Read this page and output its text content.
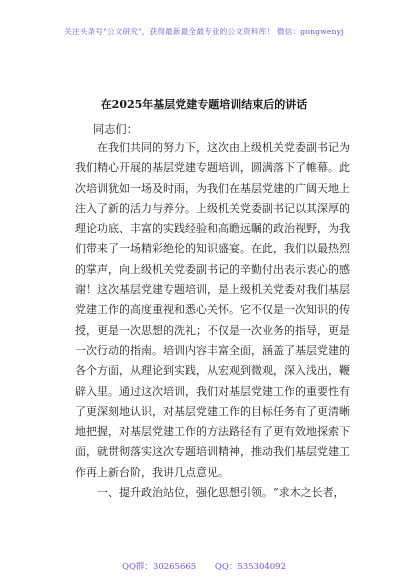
关注头条号"公文研究"，获得最新最全最专业的公文资料库！ 微信：gongwenyj
在2025年基层党建专题培训结束后的讲话
同志们：

在我们共同的努力下，这次由上级机关党委副书记为我们精心开展的基层党建专题培训，圆满落下了帷幕。此次培训犹如一场及时雨，为我们在基层党建的广阔天地上注入了新的活力与养分。上级机关党委副书记以其深厚的理论功底、丰富的实践经验和高瞻远瞩的政治视野，为我们带来了一场精彩绝伦的知识盛宴。在此，我们以最热烈的掌声，向上级机关党委副书记的辛勤付出表示衷心的感谢！这次基层党建专题培训，是上级机关党委对我们基层党建工作的高度重视和悉心关怀。它不仅是一次知识的传授，更是一次思想的洗礼；不仅是一次业务的指导，更是一次行动的指南。培训内容丰富全面，涵盖了基层党建的各个方面，从理论到实践，从宏观到微观，深入浅出，鞭辟入里。通过这次培训，我们对基层党建工作的重要性有了更深刻地认识，对基层党建工作的目标任务有了更清晰地把握，对基层党建工作的方法路径有了更有效地探索下面，就贯彻落实这次专题培训精神，推动我们基层党建工作再上新台阶，我讲几点意见。

一、提升政治站位，强化思想引领。“求木之长者，

QQ群：30265665 QQ：535304092
